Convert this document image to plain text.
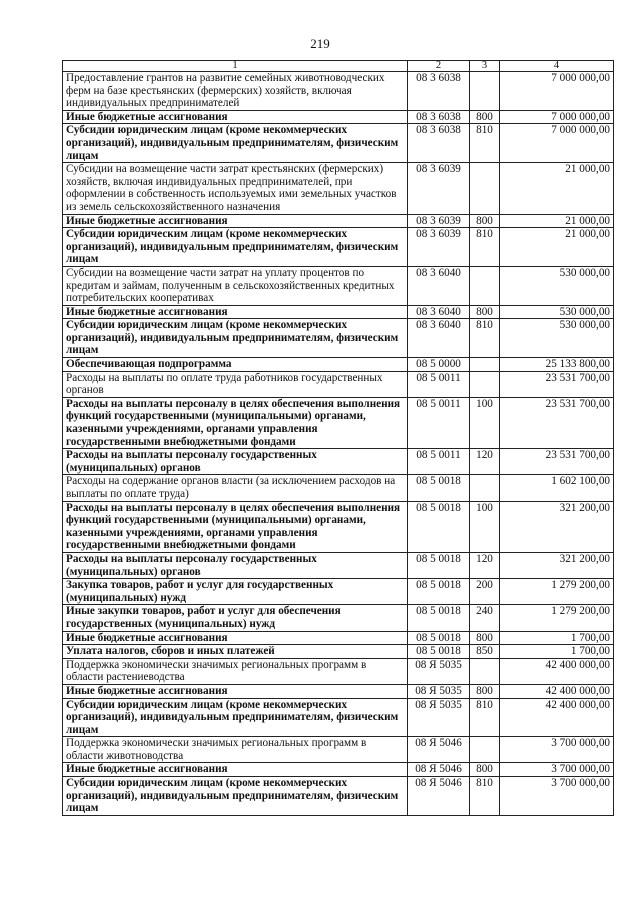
219
1	2	3	4
Предоставление грантов на развитие семейных животноводческих ферм на базе крестьянских (фермерских) хозяйств, включая индивидуальных предпринимателей	08 3 6038		7 000 000,00
Иные бюджетные ассигнования	08 3 6038	800	7 000 000,00
Субсидии юридическим лицам (кроме некоммерческих организаций), индивидуальным предпринимателям, физическим лицам	08 3 6038	810	7 000 000,00
Субсидии на возмещение части затрат крестьянских (фермерских) хозяйств, включая индивидуальных предпринимателей, при оформлении в собственность используемых ими земельных участков из земель сельскохозяйственного назначения	08 3 6039		21 000,00
Иные бюджетные ассигнования	08 3 6039	800	21 000,00
Субсидии юридическим лицам (кроме некоммерческих организаций), индивидуальным предпринимателям, физическим лицам	08 3 6039	810	21 000,00
Субсидии на возмещение части затрат на уплату процентов по кредитам и займам, полученным в сельскохозяйственных кредитных потребительских кооперативах	08 3 6040		530 000,00
Иные бюджетные ассигнования	08 3 6040	800	530 000,00
Субсидии юридическим лицам (кроме некоммерческих организаций), индивидуальным предпринимателям, физическим лицам	08 3 6040	810	530 000,00
Обеспечивающая подпрограмма	08 5 0000		25 133 800,00
Расходы на выплаты по оплате труда работников государственных органов	08 5 0011		23 531 700,00
Расходы на выплаты персоналу в целях обеспечения выполнения функций государственными (муниципальными) органами, казенными учреждениями, органами управления государственными внебюджетными фондами	08 5 0011	100	23 531 700,00
Расходы на выплаты персоналу государственных (муниципальных) органов	08 5 0011	120	23 531 700,00
Расходы на содержание органов власти (за исключением расходов на выплаты по оплате труда)	08 5 0018		1 602 100,00
Расходы на выплаты персоналу в целях обеспечения выполнения функций государственными (муниципальными) органами, казенными учреждениями, органами управления государственными внебюджетными фондами	08 5 0018	100	321 200,00
Расходы на выплаты персоналу государственных (муниципальных) органов	08 5 0018	120	321 200,00
Закупка товаров, работ и услуг для государственных (муниципальных) нужд	08 5 0018	200	1 279 200,00
Иные закупки товаров, работ и услуг для обеспечения государственных (муниципальных) нужд	08 5 0018	240	1 279 200,00
Иные бюджетные ассигнования	08 5 0018	800	1 700,00
Уплата налогов, сборов и иных платежей	08 5 0018	850	1 700,00
Поддержка экономически значимых региональных программ в области растениеводства	08 Я 5035		42 400 000,00
Иные бюджетные ассигнования	08 Я 5035	800	42 400 000,00
Субсидии юридическим лицам (кроме некоммерческих организаций), индивидуальным предпринимателям, физическим лицам	08 Я 5035	810	42 400 000,00
Поддержка экономически значимых региональных программ в области животноводства	08 Я 5046		3 700 000,00
Иные бюджетные ассигнования	08 Я 5046	800	3 700 000,00
Субсидии юридическим лицам (кроме некоммерческих организаций), индивидуальным предпринимателям, физическим лицам	08 Я 5046	810	3 700 000,00
